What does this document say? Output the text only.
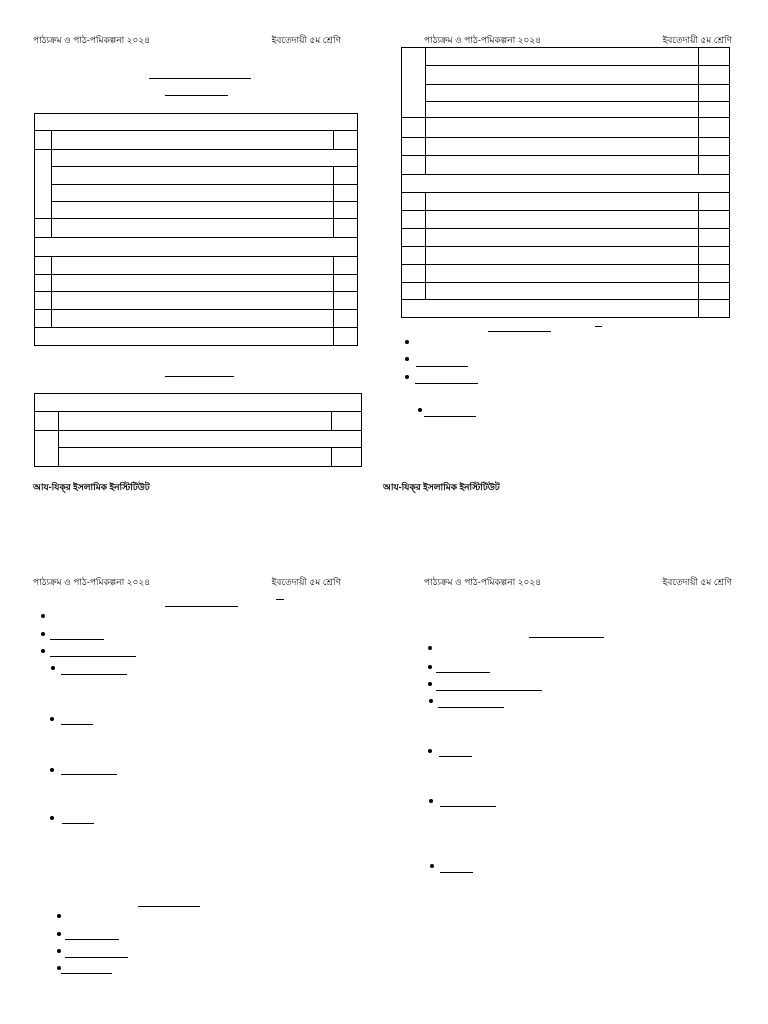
পাঠ্যক্রম ও পাঠ-পমিকল্পনা ২০২৪	ইবতেদায়ী ৫ম শ্রেণি

আয-যিক্‌র ইসলামিক ইনস্টিটিউট
পাঠ্যক্রম ও পাঠ-পমিকল্পনা ২০২৪	ইবতেদায়ী ৫ম শ্রেণি

আয-যিক্‌র ইসলামিক ইনস্টিটিউট
পাঠ্যক্রম ও পাঠ-পমিকল্পনা ২০২৪	ইবতেদায়ী ৫ম শ্রেণি	পাঠ্যক্রম ও পাঠ-পমিকল্পনা ২০২৪	ইবতেদায়ী ৫ম শ্রেণি
